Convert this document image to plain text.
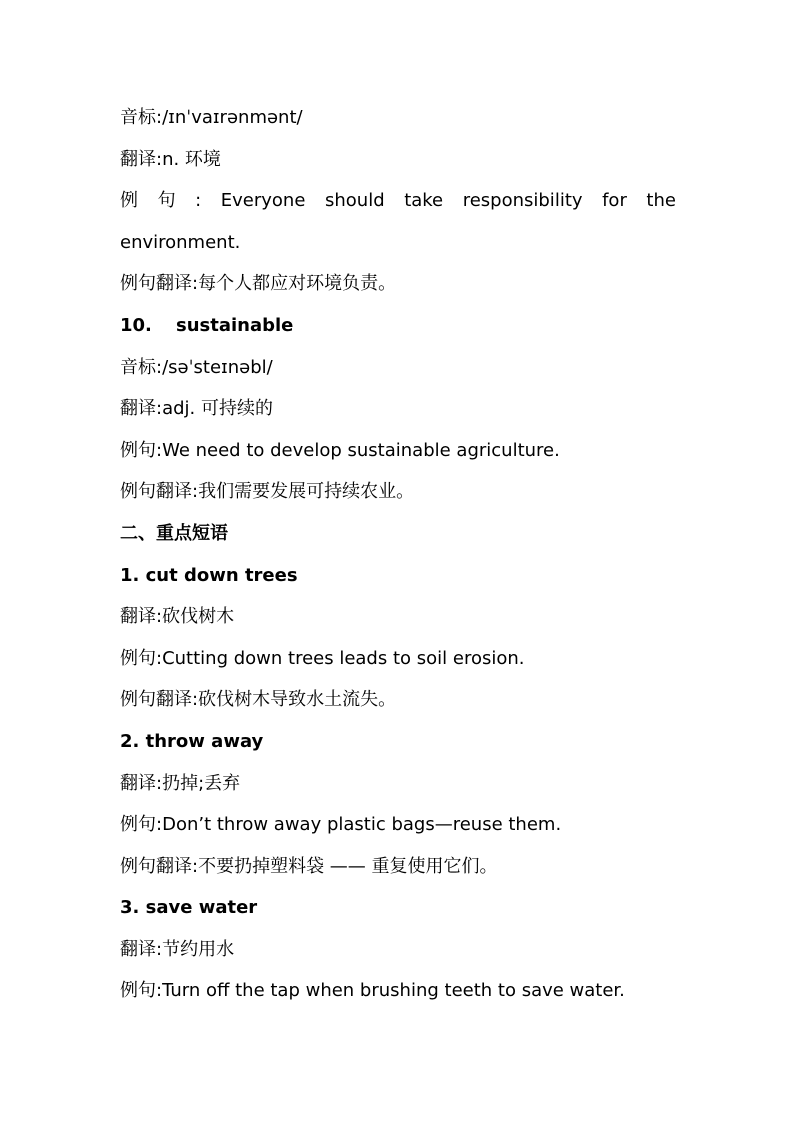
音标:/ɪnˈvaɪrənmənt/
翻译:n. 环境
例 句 : Everyone should take responsibility for the
environment.
例句翻译:每个人都应对环境负责。
10. sustainable
音标:/səˈsteɪnəbl/
翻译:adj. 可持续的
例句:We need to develop sustainable agriculture.
例句翻译:我们需要发展可持续农业。
二、重点短语
1. cut down trees
翻译:砍伐树木
例句:Cutting down trees leads to soil erosion.
例句翻译:砍伐树木导致水土流失。
2. throw away
翻译:扔掉;丢弃
例句:Don’t throw away plastic bags—reuse them.
例句翻译:不要扔掉塑料袋 —— 重复使用它们。
3. save water
翻译:节约用水
例句:Turn off the tap when brushing teeth to save water.
